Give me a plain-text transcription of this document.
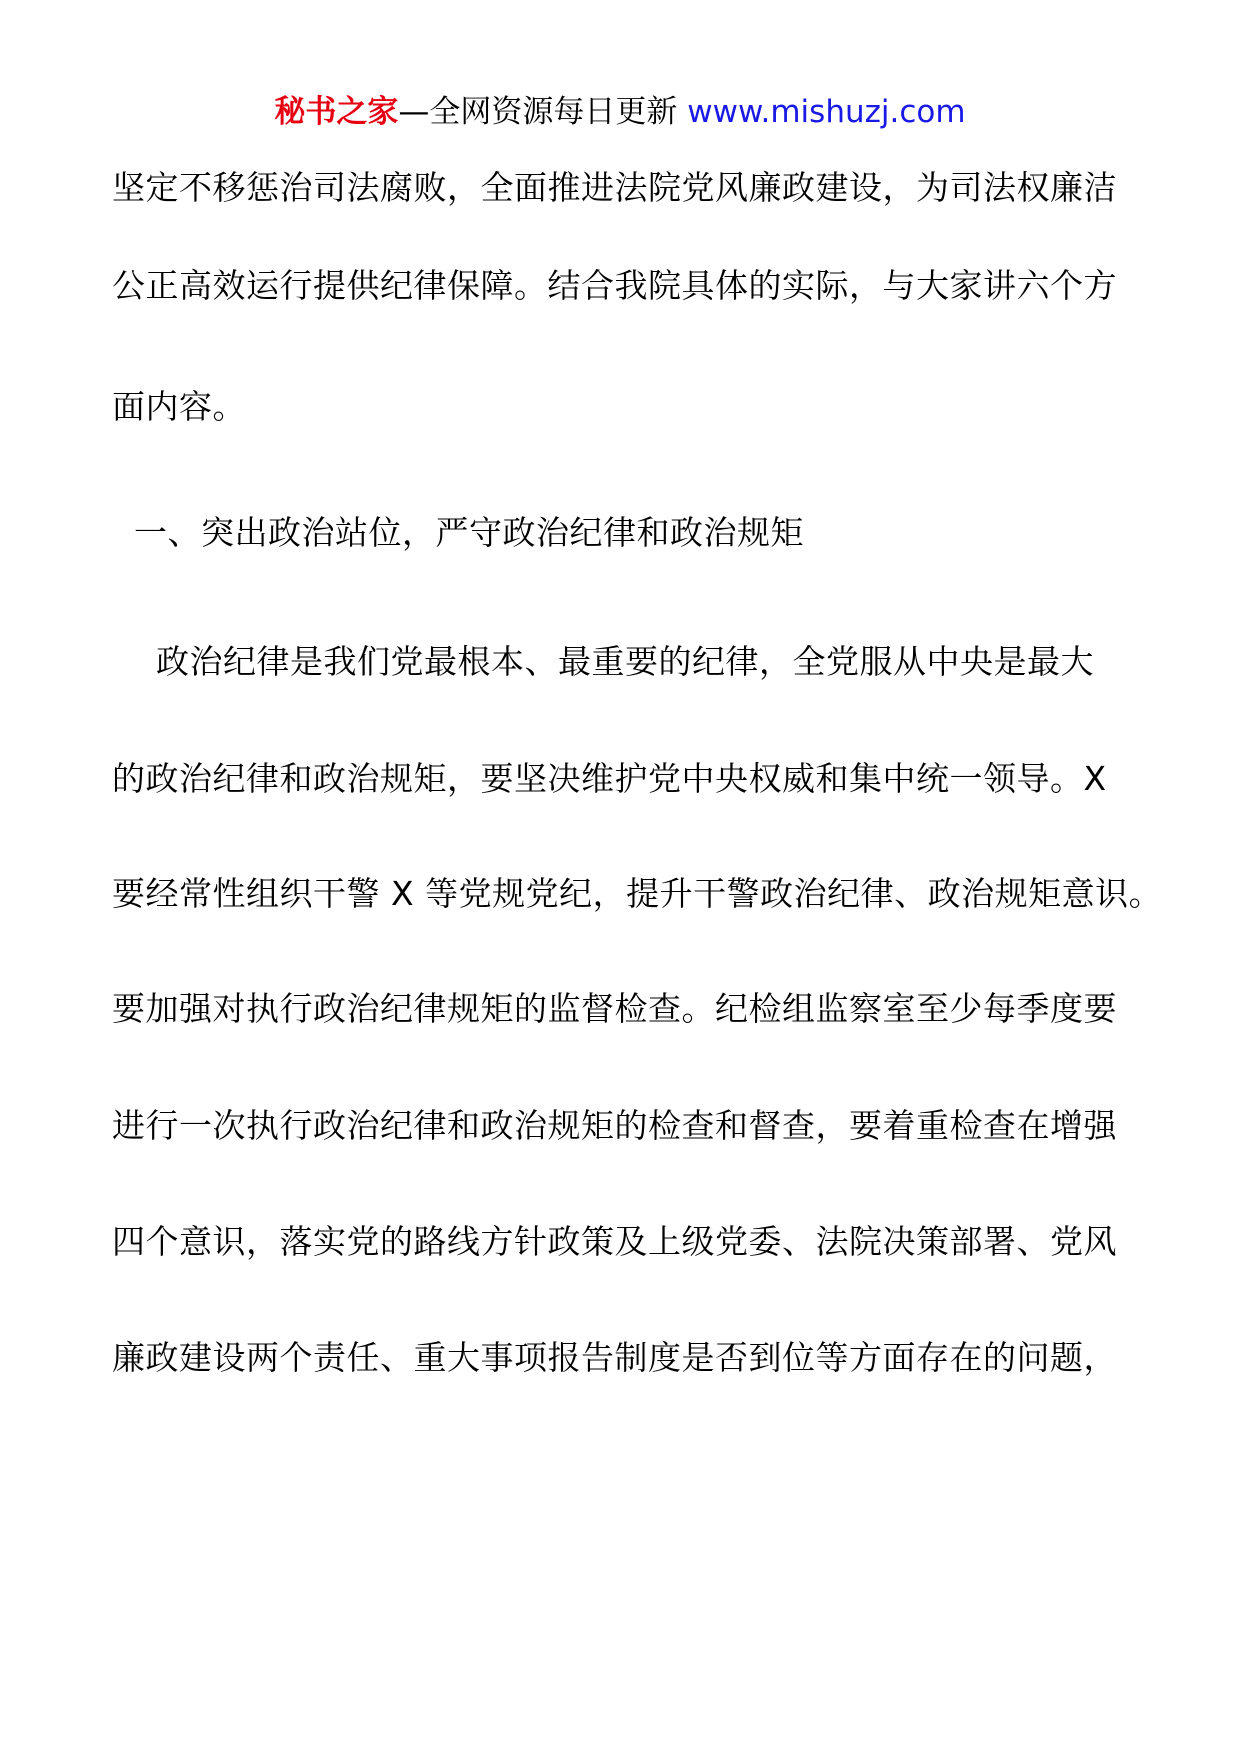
秘书之家—全网资源每日更新 www.mishuzj.com
坚定不移惩治司法腐败，全面推进法院党风廉政建设，为司法权廉洁
公正高效运行提供纪律保障。结合我院具体的实际，与大家讲六个方
面内容。
一、突出政治站位，严守政治纪律和政治规矩
政治纪律是我们党最根本、最重要的纪律，全党服从中央是最大
的政治纪律和政治规矩，要坚决维护党中央权威和集中统一领导。X
要经常性组织干警 X 等党规党纪，提升干警政治纪律、政治规矩意识。
要加强对执行政治纪律规矩的监督检查。纪检组监察室至少每季度要
进行一次执行政治纪律和政治规矩的检查和督查，要着重检查在增强
四个意识，落实党的路线方针政策及上级党委、法院决策部署、党风
廉政建设两个责任、重大事项报告制度是否到位等方面存在的问题，
